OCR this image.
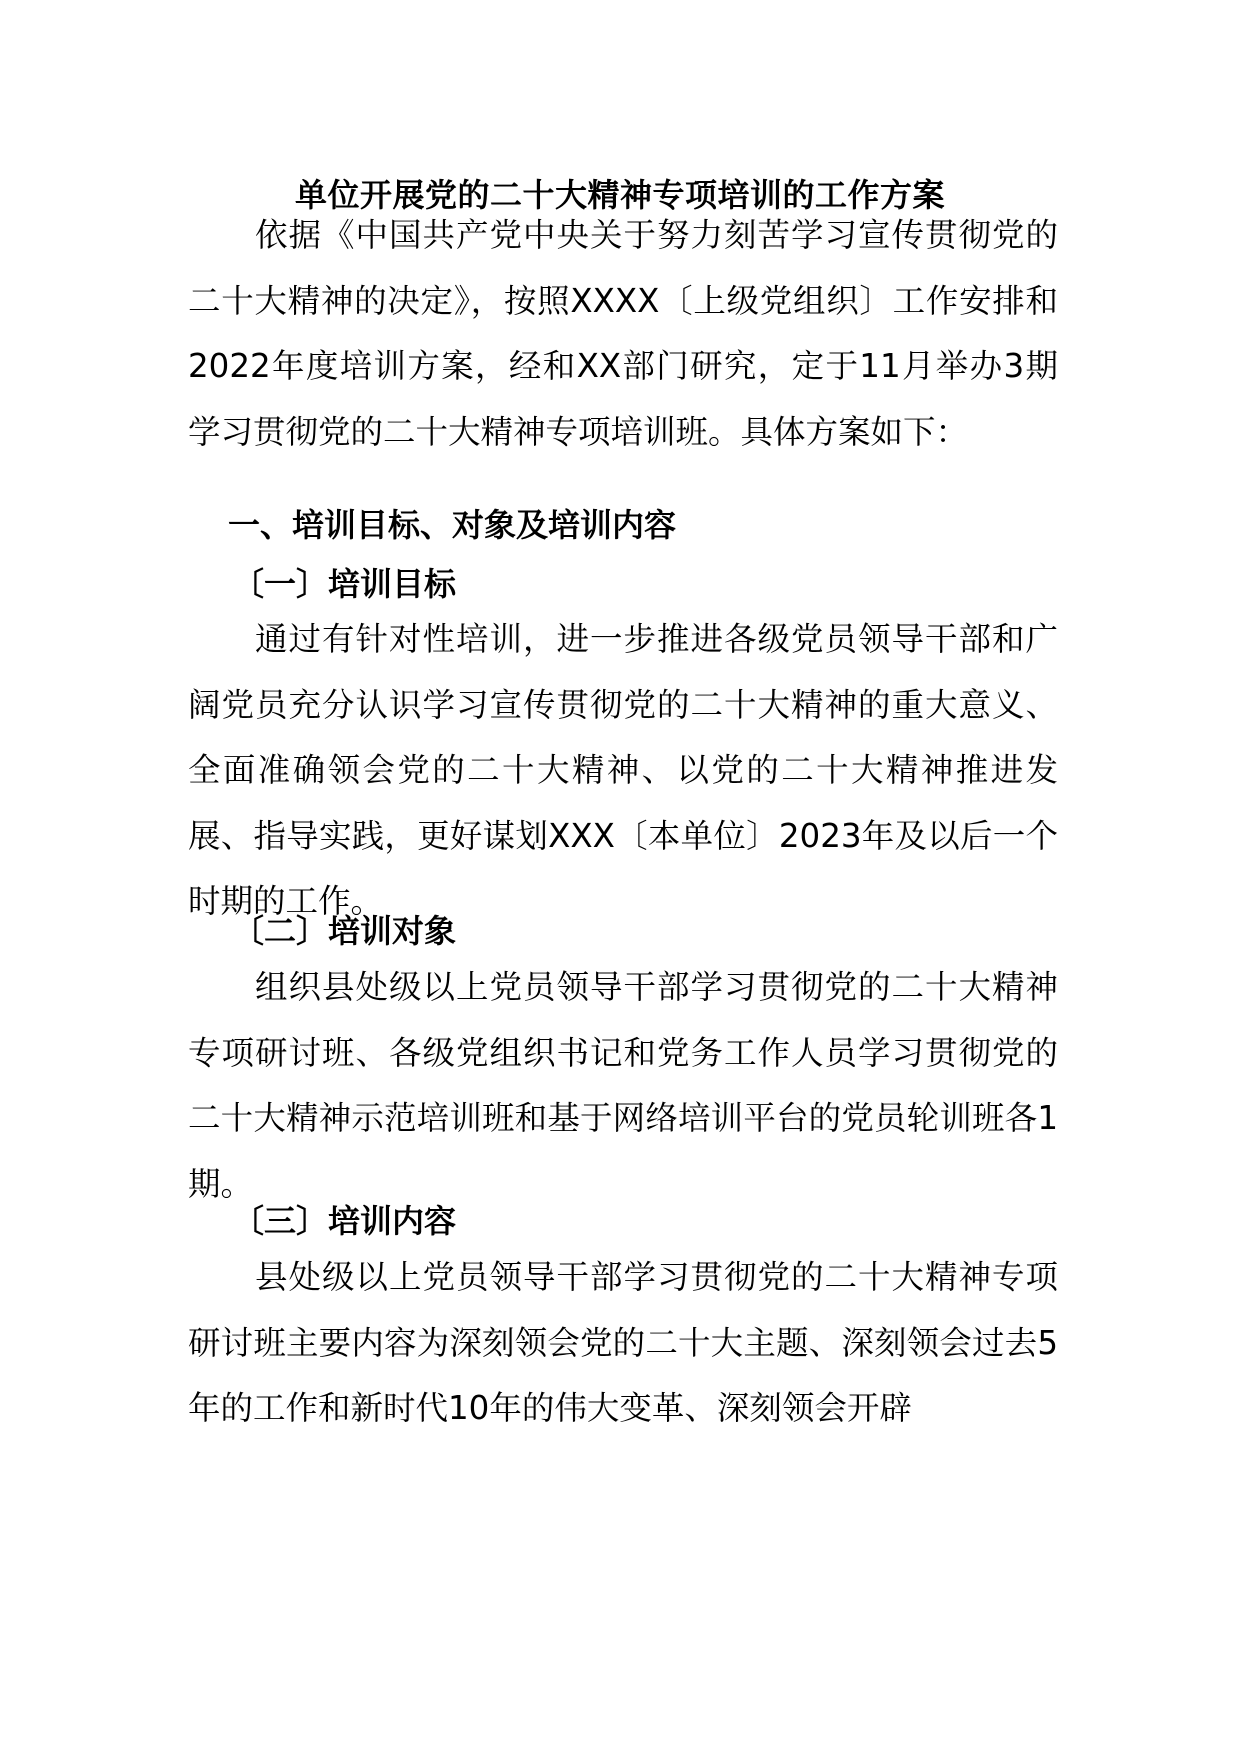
单位开展党的二十大精神专项培训的工作方案
依据《中国共产党中央关于努力刻苦学习宣传贯彻党的二十大精神的决定》，按照XXXX〔上级党组织〕工作安排和2022年度培训方案，经和XX部门研究，定于11月举办3期学习贯彻党的二十大精神专项培训班。具体方案如下：
一、培训目标、对象及培训内容
〔一〕培训目标
通过有针对性培训，进一步推进各级党员领导干部和广阔党员充分认识学习宣传贯彻党的二十大精神的重大意义、全面准确领会党的二十大精神、以党的二十大精神推进发展、指导实践，更好谋划XXX〔本单位〕2023年及以后一个时期的工作。
〔二〕培训对象
组织县处级以上党员领导干部学习贯彻党的二十大精神专项研讨班、各级党组织书记和党务工作人员学习贯彻党的二十大精神示范培训班和基于网络培训平台的党员轮训班各1期。
〔三〕培训内容
县处级以上党员领导干部学习贯彻党的二十大精神专项研讨班主要内容为深刻领会党的二十大主题、深刻领会过去5年的工作和新时代10年的伟大变革、深刻领会开辟
